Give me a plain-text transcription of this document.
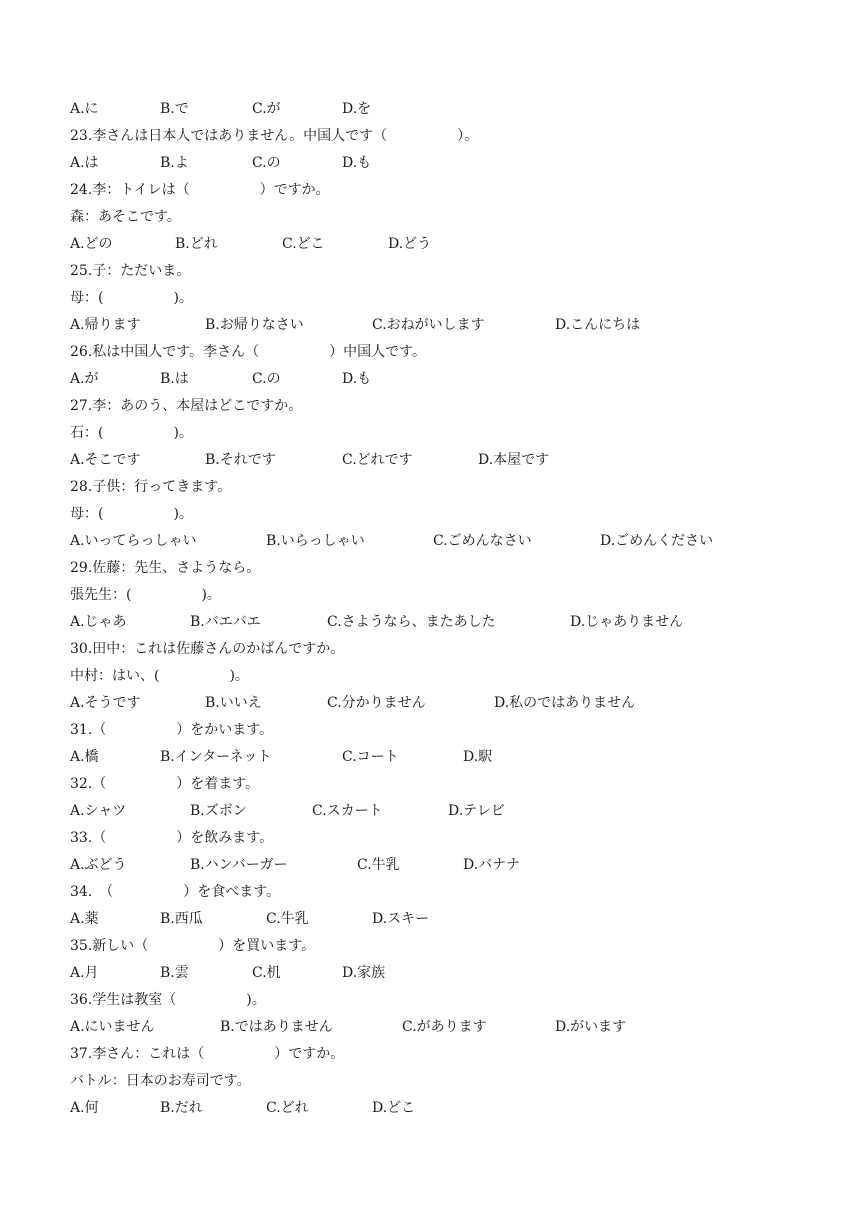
A.に	B.で	C.が	D.を
23.李さんは日本人ではありません。中国人です（　　　　　）。
A.は	B.よ	C.の	D.も
24.李：トイレは（　　　　　）ですか。
森：あそこです。
A.どの	B.どれ	C.どこ	D.どう
25.子：ただいま。
母：(　　　　　)。
A.帰ります	B.お帰りなさい	C.おねがいします	D.こんにちは
26.私は中国人です。李さん（　　　　　）中国人です。
A.が	B.は	C.の	D.も
27.李：あのう、本屋はどこですか。
石：(　　　　　)。
A.そこです	B.それです	C.どれです	D.本屋です
28.子供：行ってきます。
母：(　　　　　)。
A.いってらっしゃい	B.いらっしゃい	C.ごめんなさい	D.ごめんください
29.佐藤：先生、さようなら。
張先生：(　　　　　)。
A.じゃあ	B.バエバエ	C.さようなら、またあした	D.じゃありません
30.田中：これは佐藤さんのかばんですか。
中村：はい、(　　　　　)。
A.そうです	B.いいえ	C.分かりません	D.私のではありません
31.（　　　　　）をかいます。
A.橋	B.インターネット	C.コート	D.駅
32.（　　　　　）を着ます。
A.シャツ	B.ズボン	C.スカート	D.テレビ
33.（　　　　　）を飲みます。
A.ぶどう	B.ハンバーガー	C.牛乳	D.バナナ
34.　（　　　　　）を食べます。
A.薬	B.西瓜	C.牛乳	D.スキー
35.新しい（　　　　　）を買います。
A.月	B.雲	C.机	D.家族
36.学生は教室（　　　　　)。
A.にいません	B.ではありません	C.があります	D.がいます
37.李さん：これは（　　　　　）ですか。
バトル：日本のお寿司です。
A.何	B.だれ	C.どれ	D.どこ
